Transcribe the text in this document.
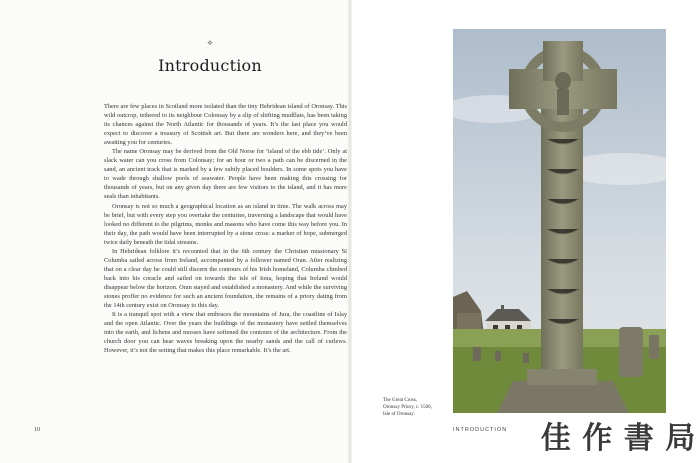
⟡
Introduction

There are few places in Scotland more isolated than the tiny Hebridean island of Oronsay. This wild outcrop, tethered to its neighbour Colonsay by a slip of shifting mudflats, has been taking its chances against the North Atlantic for thousands of years. It’s the last place you would expect to discover a treasury of Scottish art. But there are wonders here, and they’ve been awaiting you for centuries.

The name Oronsay may be derived from the Old Norse for ‘island of the ebb tide’. Only at slack water can you cross from Colonsay; for an hour or two a path can be discerned in the sand, an ancient track that is marked by a few subtly placed boulders. In some spots you have to wade through shallow pools of seawater. People have been making this crossing for thousands of years, but on any given day there are few visitors to the island, and it has more seals than inhabitants.

Oronsay is not so much a geographical location as an island in time. The walk across may be brief, but with every step you overtake the centuries, traversing a landscape that would have looked no different to the pilgrims, monks and masons who have come this way before you. In their day, the path would have been interrupted by a stone cross: a marker of hope, submerged twice daily beneath the tidal streams.

In Hebridean folklore it’s recounted that in the 6th century the Christian missionary St Columba sailed across from Ireland, accompanied by a follower named Oran. After realizing that on a clear day he could still discern the contours of his Irish homeland, Columba climbed back into his coracle and sailed on towards the isle of Iona, hoping that Ireland would disappear below the horizon. Oran stayed and established a monastery. And while the surviving stones proffer no evidence for such an ancient foundation, the remains of a priory dating from the 14th century exist on Oronsay to this day.

It is a tranquil spot with a view that embraces the mountains of Jura, the coastline of Islay and the open Atlantic. Over the years the buildings of the monastery have settled themselves into the earth, and lichens and mosses have softened the contours of the architecture. From the church door you can hear waves breaking upon the nearby sands and the call of curlews. However, it’s not the setting that makes this place remarkable. It’s the art.

10
The Great Cross,
Oronsay Priory, c. 1500,
Isle of Oronsay.
INTRODUCTION 佳 作 書 局
